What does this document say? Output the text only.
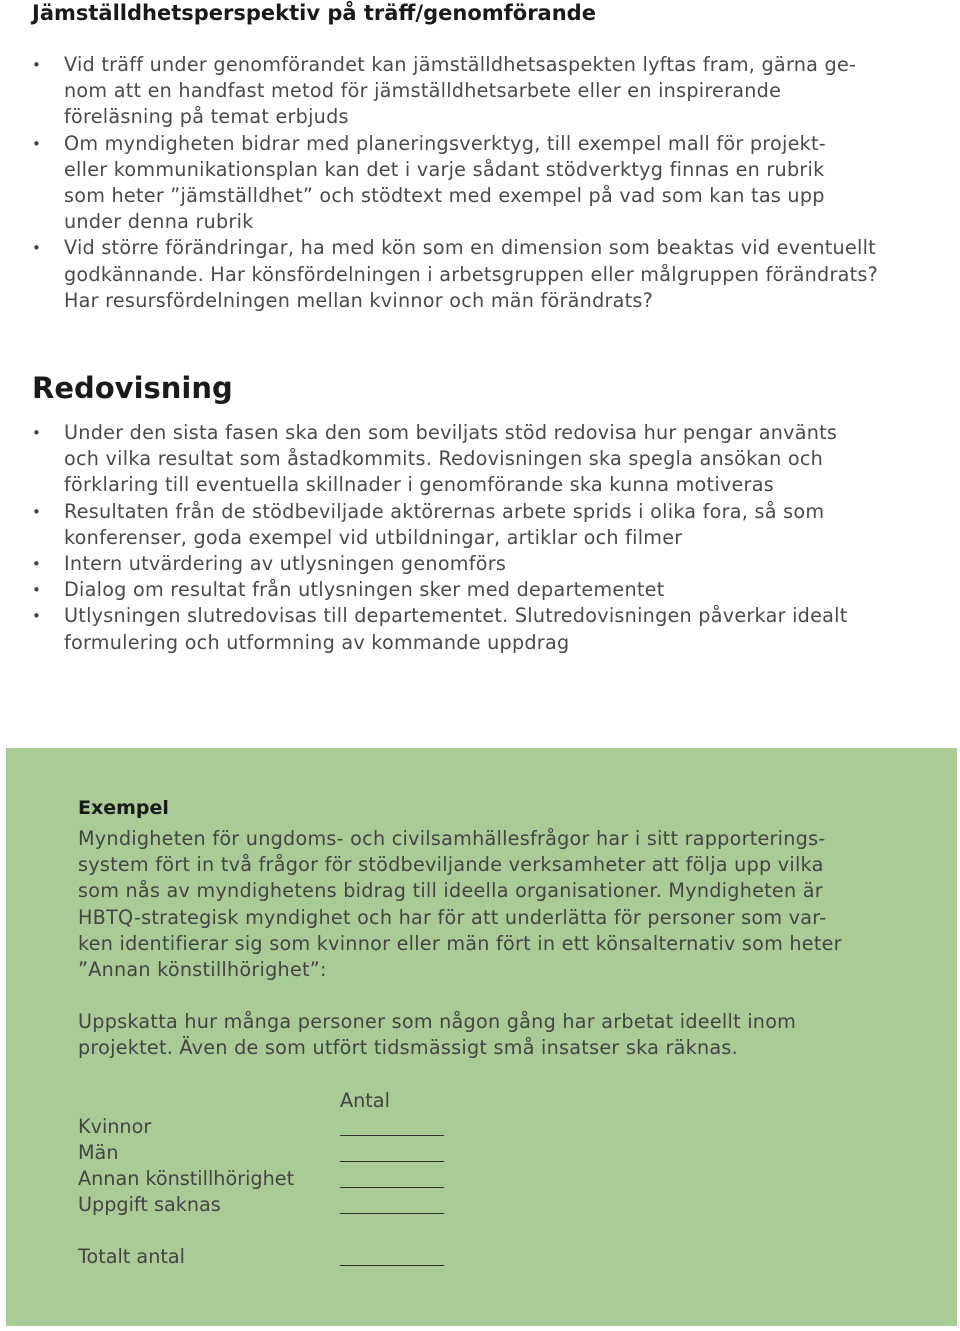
Jämställdhetsperspektiv på träff/genomförande
• Vid träff under genomförandet kan jämställdhetsaspekten lyftas fram, gärna ge-
nom att en handfast metod för jämställdhetsarbete eller en inspirerande
föreläsning på temat erbjuds
• Om myndigheten bidrar med planeringsverktyg, till exempel mall för projekt-
eller kommunikationsplan kan det i varje sådant stödverktyg finnas en rubrik
som heter ”jämställdhet” och stödtext med exempel på vad som kan tas upp
under denna rubrik
• Vid större förändringar, ha med kön som en dimension som beaktas vid eventuellt
godkännande. Har könsfördelningen i arbetsgruppen eller målgruppen förändrats?
Har resursfördelningen mellan kvinnor och män förändrats?
Redovisning
• Under den sista fasen ska den som beviljats stöd redovisa hur pengar använts
och vilka resultat som åstadkommits. Redovisningen ska spegla ansökan och
förklaring till eventuella skillnader i genomförande ska kunna motiveras
• Resultaten från de stödbeviljade aktörernas arbete sprids i olika fora, så som
konferenser, goda exempel vid utbildningar, artiklar och filmer
• Intern utvärdering av utlysningen genomförs
• Dialog om resultat från utlysningen sker med departementet
• Utlysningen slutredovisas till departementet. Slutredovisningen påverkar idealt
formulering och utformning av kommande uppdrag
Exempel

Myndigheten för ungdoms- och civilsamhällesfrågor har i sitt rapporterings-
system fört in två frågor för stödbeviljande verksamheter att följa upp vilka
som nås av myndighetens bidrag till ideella organisationer. Myndigheten är
HBTQ-strategisk myndighet och har för att underlätta för personer som var-
ken identifierar sig som kvinnor eller män fört in ett könsalternativ som heter
”Annan könstillhörighet”:

Uppskatta hur många personer som någon gång har arbetat ideellt inom
projektet. Även de som utfört tidsmässigt små insatser ska räknas.

Antal
Kvinnor
Män
Annan könstillhörighet
Uppgift saknas
Totalt antal
